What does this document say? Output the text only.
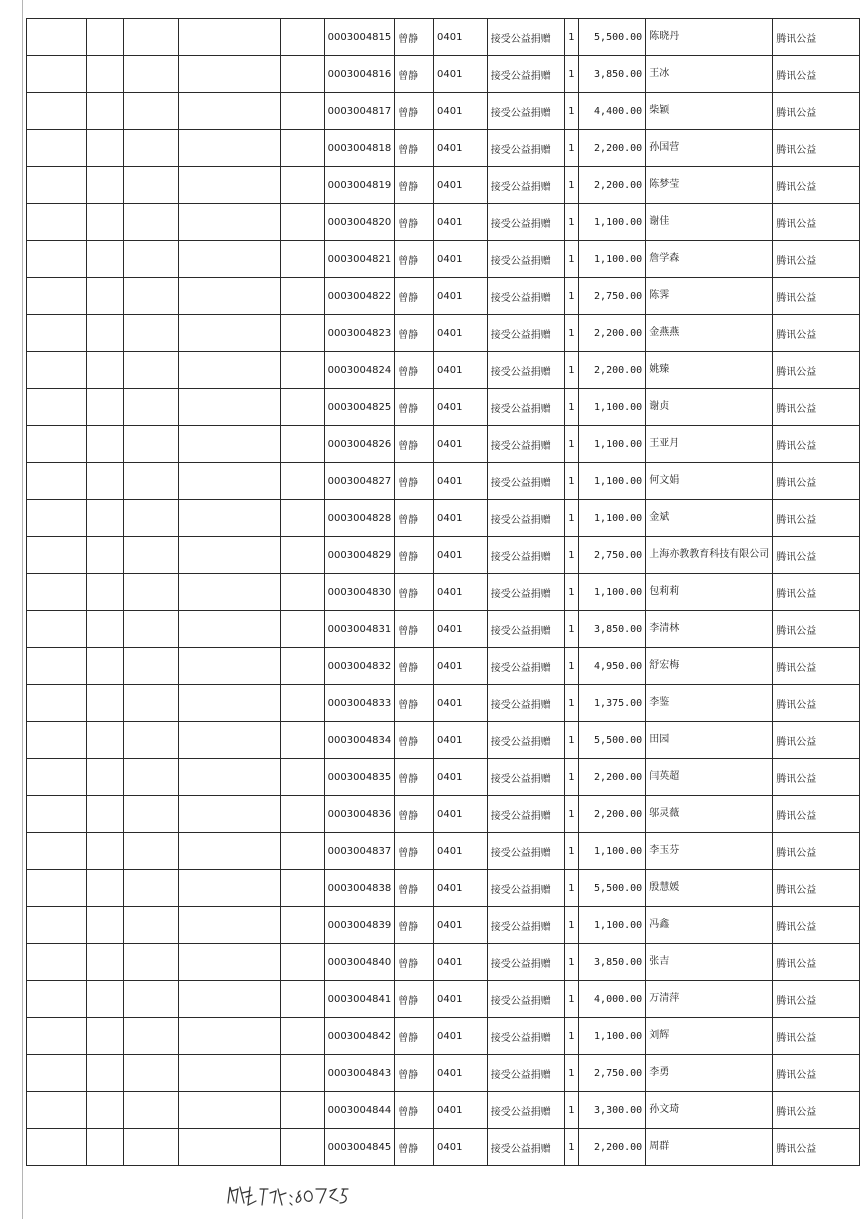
					0003004815	曾静	0401	接受公益捐赠	1	5,500.00	陈晓丹	腾讯公益
					0003004816	曾静	0401	接受公益捐赠	1	3,850.00	王冰	腾讯公益
					0003004817	曾静	0401	接受公益捐赠	1	4,400.00	柴颖	腾讯公益
					0003004818	曾静	0401	接受公益捐赠	1	2,200.00	孙国营	腾讯公益
					0003004819	曾静	0401	接受公益捐赠	1	2,200.00	陈梦莹	腾讯公益
					0003004820	曾静	0401	接受公益捐赠	1	1,100.00	谢佳	腾讯公益
					0003004821	曾静	0401	接受公益捐赠	1	1,100.00	詹学森	腾讯公益
					0003004822	曾静	0401	接受公益捐赠	1	2,750.00	陈霁	腾讯公益
					0003004823	曾静	0401	接受公益捐赠	1	2,200.00	金燕燕	腾讯公益
					0003004824	曾静	0401	接受公益捐赠	1	2,200.00	姚臻	腾讯公益
					0003004825	曾静	0401	接受公益捐赠	1	1,100.00	谢贞	腾讯公益
					0003004826	曾静	0401	接受公益捐赠	1	1,100.00	王亚月	腾讯公益
					0003004827	曾静	0401	接受公益捐赠	1	1,100.00	何文娟	腾讯公益
					0003004828	曾静	0401	接受公益捐赠	1	1,100.00	金斌	腾讯公益
					0003004829	曾静	0401	接受公益捐赠	1	2,750.00	上海亦教教育科技有限公司	腾讯公益
					0003004830	曾静	0401	接受公益捐赠	1	1,100.00	包莉莉	腾讯公益
					0003004831	曾静	0401	接受公益捐赠	1	3,850.00	李清林	腾讯公益
					0003004832	曾静	0401	接受公益捐赠	1	4,950.00	舒宏梅	腾讯公益
					0003004833	曾静	0401	接受公益捐赠	1	1,375.00	李鉴	腾讯公益
					0003004834	曾静	0401	接受公益捐赠	1	5,500.00	田园	腾讯公益
					0003004835	曾静	0401	接受公益捐赠	1	2,200.00	闫英超	腾讯公益
					0003004836	曾静	0401	接受公益捐赠	1	2,200.00	邬灵薇	腾讯公益
					0003004837	曾静	0401	接受公益捐赠	1	1,100.00	李玉芬	腾讯公益
					0003004838	曾静	0401	接受公益捐赠	1	5,500.00	殷慧媛	腾讯公益
					0003004839	曾静	0401	接受公益捐赠	1	1,100.00	冯鑫	腾讯公益
					0003004840	曾静	0401	接受公益捐赠	1	3,850.00	张吉	腾讯公益
					0003004841	曾静	0401	接受公益捐赠	1	4,000.00	万清萍	腾讯公益
					0003004842	曾静	0401	接受公益捐赠	1	1,100.00	刘辉	腾讯公益
					0003004843	曾静	0401	接受公益捐赠	1	2,750.00	李勇	腾讯公益
					0003004844	曾静	0401	接受公益捐赠	1	3,300.00	孙文琦	腾讯公益
					0003004845	曾静	0401	接受公益捐赠	1	2,200.00	周群	腾讯公益
